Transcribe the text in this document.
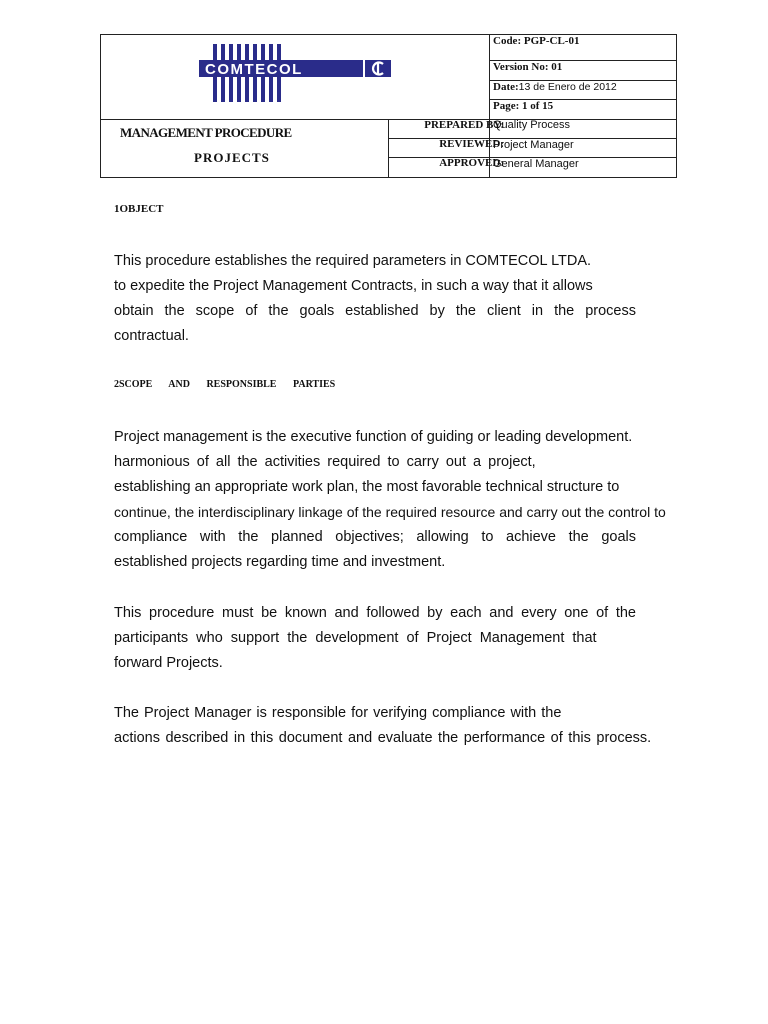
COMTECOL
Code: PGP-CL-01
Version No: 01
Date:13 de Enero de 2012
Page: 1 of 15
MANAGEMENT PROCEDURE
PROJECTS
PREPARED BY:
Quality Process
REVIEWED:
Project Manager
APPROVED:
General Manager
1OBJECT
This procedure establishes the required parameters in COMTECOL LTDA.
to expedite the Project Management Contracts, in such a way that it allows
obtain the scope of the goals established by the client in the process
contractual.
2SCOPE AND RESPONSIBLE PARTIES
Project management is the executive function of guiding or leading development.
harmonious of all the activities required to carry out a project,
establishing an appropriate work plan, the most favorable technical structure to
continue, the interdisciplinary linkage of the required resource and carry out the control to
compliance with the planned objectives; allowing to achieve the goals
established projects regarding time and investment.
This procedure must be known and followed by each and every one of the
participants who support the development of Project Management that
forward Projects.
The Project Manager is responsible for verifying compliance with the
actions described in this document and evaluate the performance of this process.
